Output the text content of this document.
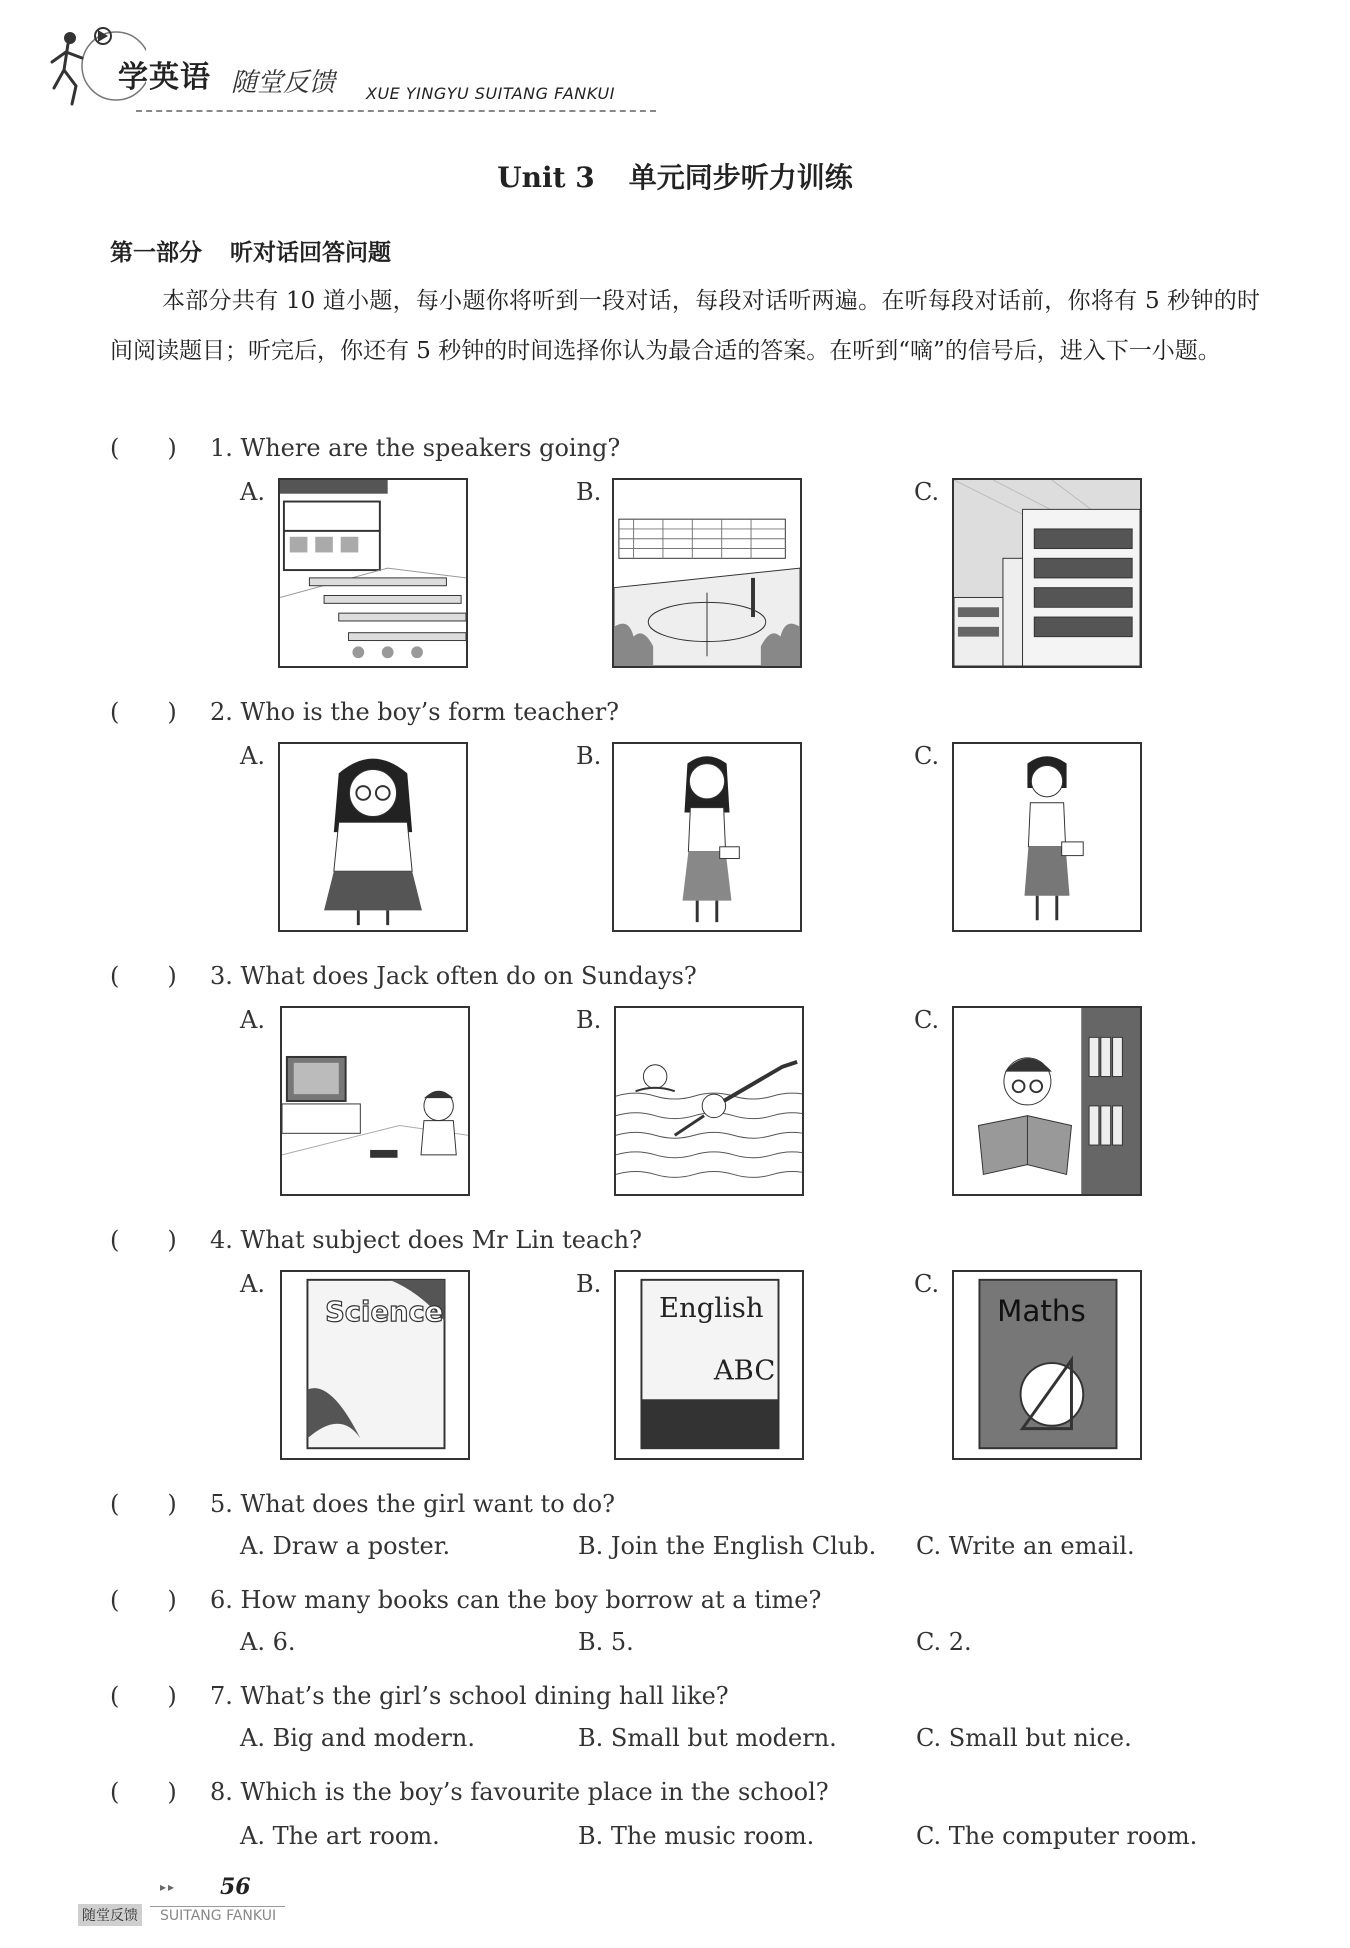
学英语 随堂反馈 XUE YINGYU SUITANG FANKUI
Unit 3 单元同步听力训练
第一部分 听对话回答问题
本部分共有 10 道小题，每小题你将听到一段对话，每段对话听两遍。在听每段对话前，你将有 5 秒钟的时间阅读题目；听完后，你还有 5 秒钟的时间选择你认为最合适的答案。在听到“嘀”的信号后，进入下一小题。
(　　) 1. Where are the speakers going?
A.	B.	C.
(　　) 2. Who is the boy’s form teacher?
A.	B.	C.
(　　) 3. What does Jack often do on Sundays?
A.	B.	C.
(　　) 4. What subject does Mr Lin teach?
A.	B.	C.
Science	English
ABC
Maths
(　　) 5. What does the girl want to do?
A. Draw a poster.	B. Join the English Club. C. Write an email.
(　　) 6. How many books can the boy borrow at a time?
A. 6.	B. 5.	C. 2.
(　　) 7. What’s the girl’s school dining hall like?
A. Big and modern.	B. Small but modern.	C. Small but nice.
(　　) 8. Which is the boy’s favourite place in the school?
A. The art room.	B. The music room.	C. The computer room.
▸▸ 56
随堂反馈 SUITANG FANKUI
